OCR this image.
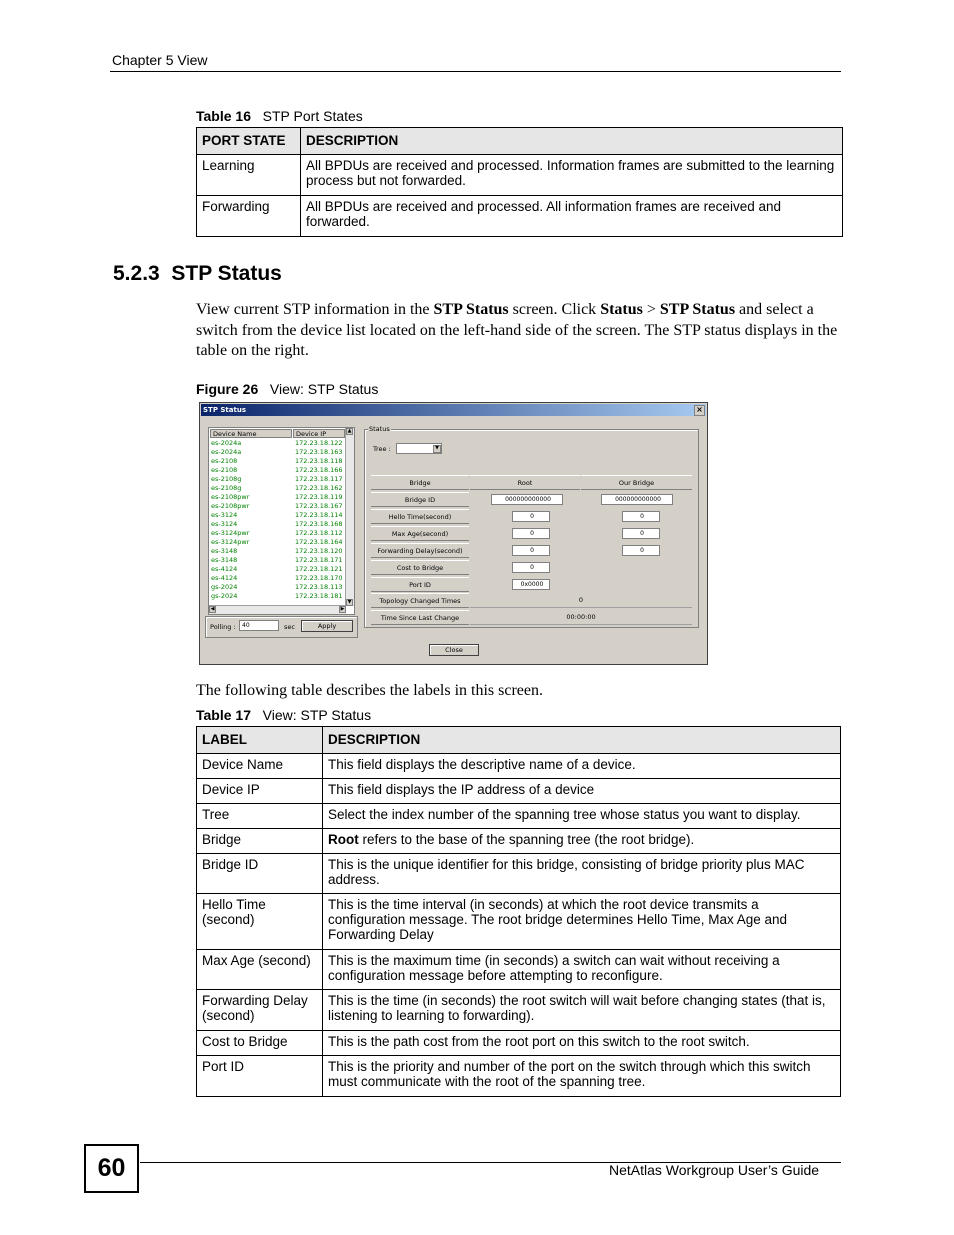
Chapter 5 View
Table 16 STP Port States
PORT STATE	DESCRIPTION
Learning	All BPDUs are received and processed. Information frames are submitted to the learning process but not forwarded.
Forwarding	All BPDUs are received and processed. All information frames are received and forwarded.
5.2.3 STP Status
View current STP information in the STP Status screen. Click Status > STP Status and select a switch from the device list located on the left-hand side of the screen. The STP status displays in the table on the right.
Figure 26 View: STP Status
STP Status	×
Device Name	Device IP
es-2024a	172.23.18.122
es-2024a	172.23.18.163
es-2108	172.23.18.118
es-2108	172.23.18.166
es-2108g	172.23.18.117
es-2108g	172.23.18.162
es-2108pwr	172.23.18.119
es-2108pwr	172.23.18.167
es-3124	172.23.18.114
es-3124	172.23.18.168
es-3124pwr	172.23.18.112
es-3124pwr	172.23.18.164
es-3148	172.23.18.120
es-3148	172.23.18.171
es-4124	172.23.18.121
es-4124	172.23.18.170
gs-2024	172.23.18.113
gs-2024	172.23.18.181
▲
▼
◀	▶
Polling :	40	sec	Apply
Status
Tree :	▼
Bridge	Root	Our Bridge
Bridge ID	000000000000	000000000000
Hello Time(second)	0	0
Max Age(second)	0	0
Forwarding Delay(second)	0	0
Cost to Bridge	0
Port ID	0x0000
Topology Changed Times	0
Time Since Last Change	00:00:00
Close
The following table describes the labels in this screen.
Table 17 View: STP Status
LABEL	DESCRIPTION
Device Name	This field displays the descriptive name of a device.
Device IP	This field displays the IP address of a device
Tree	Select the index number of the spanning tree whose status you want to display.
Bridge	Root refers to the base of the spanning tree (the root bridge).
Bridge ID	This is the unique identifier for this bridge, consisting of bridge priority plus MAC address.
Hello Time (second)	This is the time interval (in seconds) at which the root device transmits a configuration message. The root bridge determines Hello Time, Max Age and Forwarding Delay
Max Age (second)	This is the maximum time (in seconds) a switch can wait without receiving a configuration message before attempting to reconfigure.
Forwarding Delay (second)	This is the time (in seconds) the root switch will wait before changing states (that is, listening to learning to forwarding).
Cost to Bridge	This is the path cost from the root port on this switch to the root switch.
Port ID	This is the priority and number of the port on the switch through which this switch must communicate with the root of the spanning tree.
60	NetAtlas Workgroup User’s Guide
